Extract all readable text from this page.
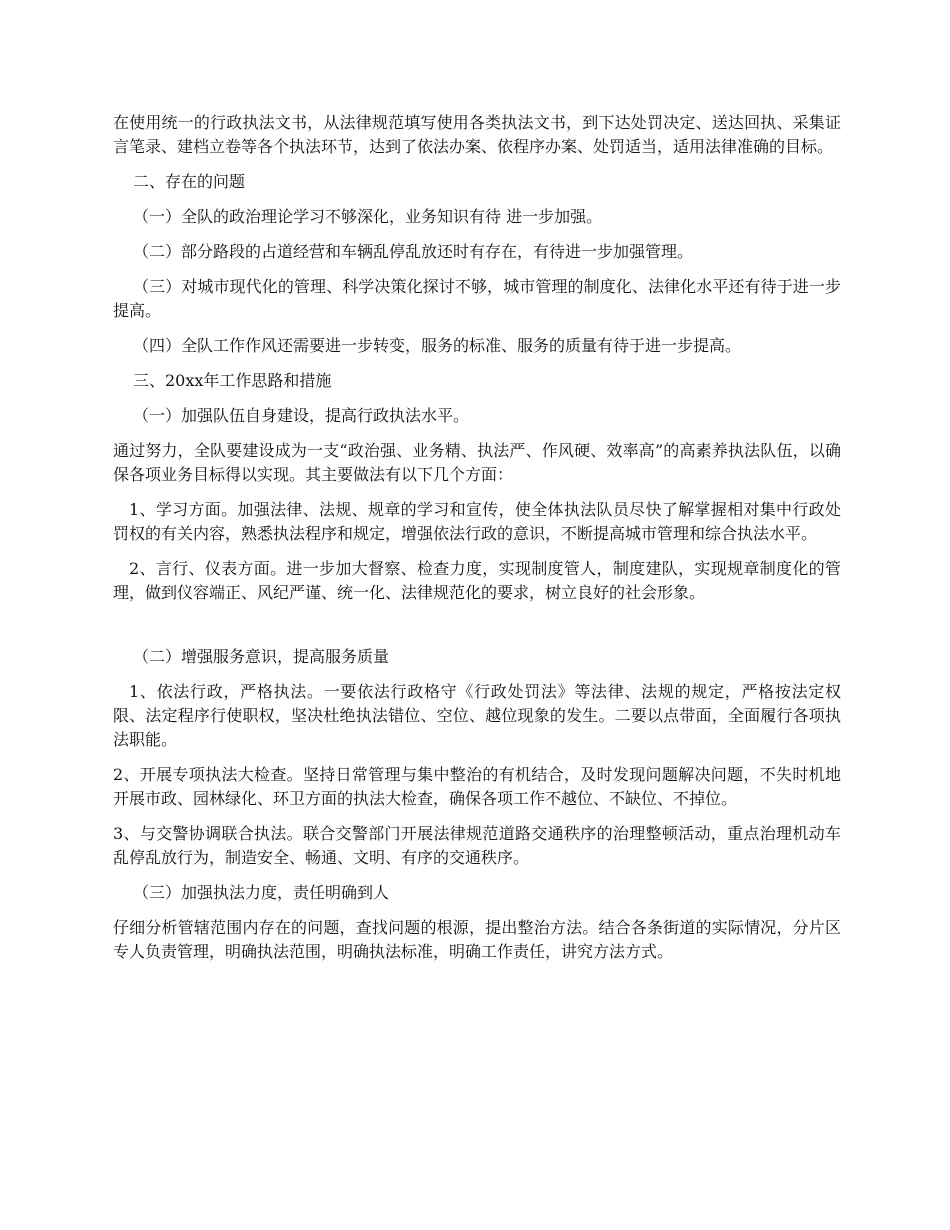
在使用统一的行政执法文书，从法律规范填写使用各类执法文书，到下达处罚决定、送达回执、采集证言笔录、建档立卷等各个执法环节，达到了依法办案、依程序办案、处罚适当，适用法律准确的目标。

二、存在的问题

（一）全队的政治理论学习不够深化，业务知识有待 进一步加强。

（二）部分路段的占道经营和车辆乱停乱放还时有存在，有待进一步加强管理。

（三）对城市现代化的管理、科学决策化探讨不够，城市管理的制度化、法律化水平还有待于进一步提高。

（四）全队工作作风还需要进一步转变，服务的标准、服务的质量有待于进一步提高。

三、20xx年工作思路和措施

（一）加强队伍自身建设，提高行政执法水平。

通过努力，全队要建设成为一支“政治强、业务精、执法严、作风硬、效率高”的高素养执法队伍，以确保各项业务目标得以实现。其主要做法有以下几个方面：

1、学习方面。加强法律、法规、规章的学习和宣传，使全体执法队员尽快了解掌握相对集中行政处罚权的有关内容，熟悉执法程序和规定，增强依法行政的意识，不断提高城市管理和综合执法水平。

2、言行、仪表方面。进一步加大督察、检查力度，实现制度管人，制度建队，实现规章制度化的管理，做到仪容端正、风纪严谨、统一化、法律规范化的要求，树立良好的社会形象。

（二）增强服务意识，提高服务质量

1、依法行政，严格执法。一要依法行政格守《行政处罚法》等法律、法规的规定，严格按法定权限、法定程序行使职权，坚决杜绝执法错位、空位、越位现象的发生。二要以点带面，全面履行各项执法职能。

2、开展专项执法大检查。坚持日常管理与集中整治的有机结合，及时发现问题解决问题，不失时机地开展市政、园林绿化、环卫方面的执法大检查，确保各项工作不越位、不缺位、不掉位。

3、与交警协调联合执法。联合交警部门开展法律规范道路交通秩序的治理整顿活动，重点治理机动车乱停乱放行为，制造安全、畅通、文明、有序的交通秩序。

（三）加强执法力度，责任明确到人

仔细分析管辖范围内存在的问题，查找问题的根源，提出整治方法。结合各条街道的实际情况，分片区专人负责管理，明确执法范围，明确执法标准，明确工作责任，讲究方法方式。
